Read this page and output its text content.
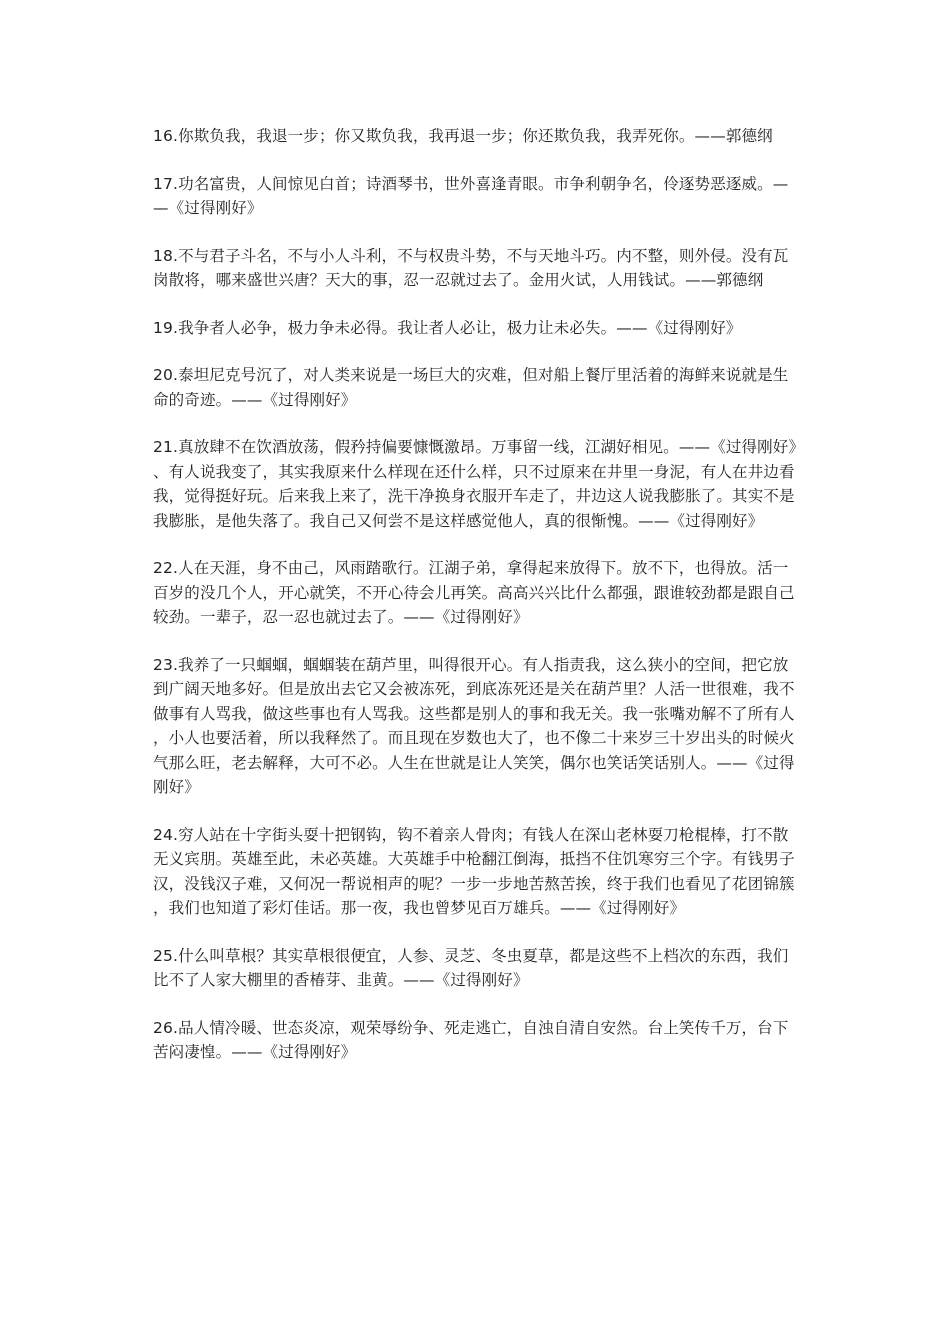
16.你欺负我，我退一步；你又欺负我，我再退一步；你还欺负我，我弄死你。——郭德纲

17.功名富贵，人间惊见白首；诗酒琴书，世外喜逢青眼。市争利朝争名，伶逐势恶逐威。——《过得刚好》

18.不与君子斗名，不与小人斗利，不与权贵斗势，不与天地斗巧。内不整，则外侵。没有瓦岗散将，哪来盛世兴唐？天大的事，忍一忍就过去了。金用火试，人用钱试。——郭德纲

19.我争者人必争，极力争未必得。我让者人必让，极力让未必失。——《过得刚好》

20.泰坦尼克号沉了，对人类来说是一场巨大的灾难，但对船上餐厅里活着的海鲜来说就是生命的奇迹。——《过得刚好》

21.真放肆不在饮酒放荡，假矜持偏要慷慨激昂。万事留一线，江湖好相见。——《过得刚好》、有人说我变了，其实我原来什么样现在还什么样，只不过原来在井里一身泥，有人在井边看我，觉得挺好玩。后来我上来了，洗干净换身衣服开车走了，井边这人说我膨胀了。其实不是我膨胀，是他失落了。我自己又何尝不是这样感觉他人，真的很惭愧。——《过得刚好》

22.人在天涯，身不由己，风雨踏歌行。江湖子弟，拿得起来放得下。放不下，也得放。活一百岁的没几个人，开心就笑，不开心待会儿再笑。高高兴兴比什么都强，跟谁较劲都是跟自己较劲。一辈子，忍一忍也就过去了。——《过得刚好》

23.我养了一只蝈蝈，蝈蝈装在葫芦里，叫得很开心。有人指责我，这么狭小的空间，把它放到广阔天地多好。但是放出去它又会被冻死，到底冻死还是关在葫芦里？人活一世很难，我不做事有人骂我，做这些事也有人骂我。这些都是别人的事和我无关。我一张嘴劝解不了所有人，小人也要活着，所以我释然了。而且现在岁数也大了，也不像二十来岁三十岁出头的时候火气那么旺，老去解释，大可不必。人生在世就是让人笑笑，偶尔也笑话笑话别人。——《过得刚好》

24.穷人站在十字街头耍十把钢钩，钩不着亲人骨肉；有钱人在深山老林耍刀枪棍棒，打不散无义宾朋。英雄至此，未必英雄。大英雄手中枪翻江倒海，抵挡不住饥寒穷三个字。有钱男子汉，没钱汉子难，又何况一帮说相声的呢？一步一步地苦熬苦挨，终于我们也看见了花团锦簇，我们也知道了彩灯佳话。那一夜，我也曾梦见百万雄兵。——《过得刚好》

25.什么叫草根？其实草根很便宜，人参、灵芝、冬虫夏草，都是这些不上档次的东西，我们比不了人家大棚里的香椿芽、韭黄。——《过得刚好》

26.品人情冷暖、世态炎凉，观荣辱纷争、死走逃亡，自浊自清自安然。台上笑传千万，台下苦闷凄惶。——《过得刚好》
